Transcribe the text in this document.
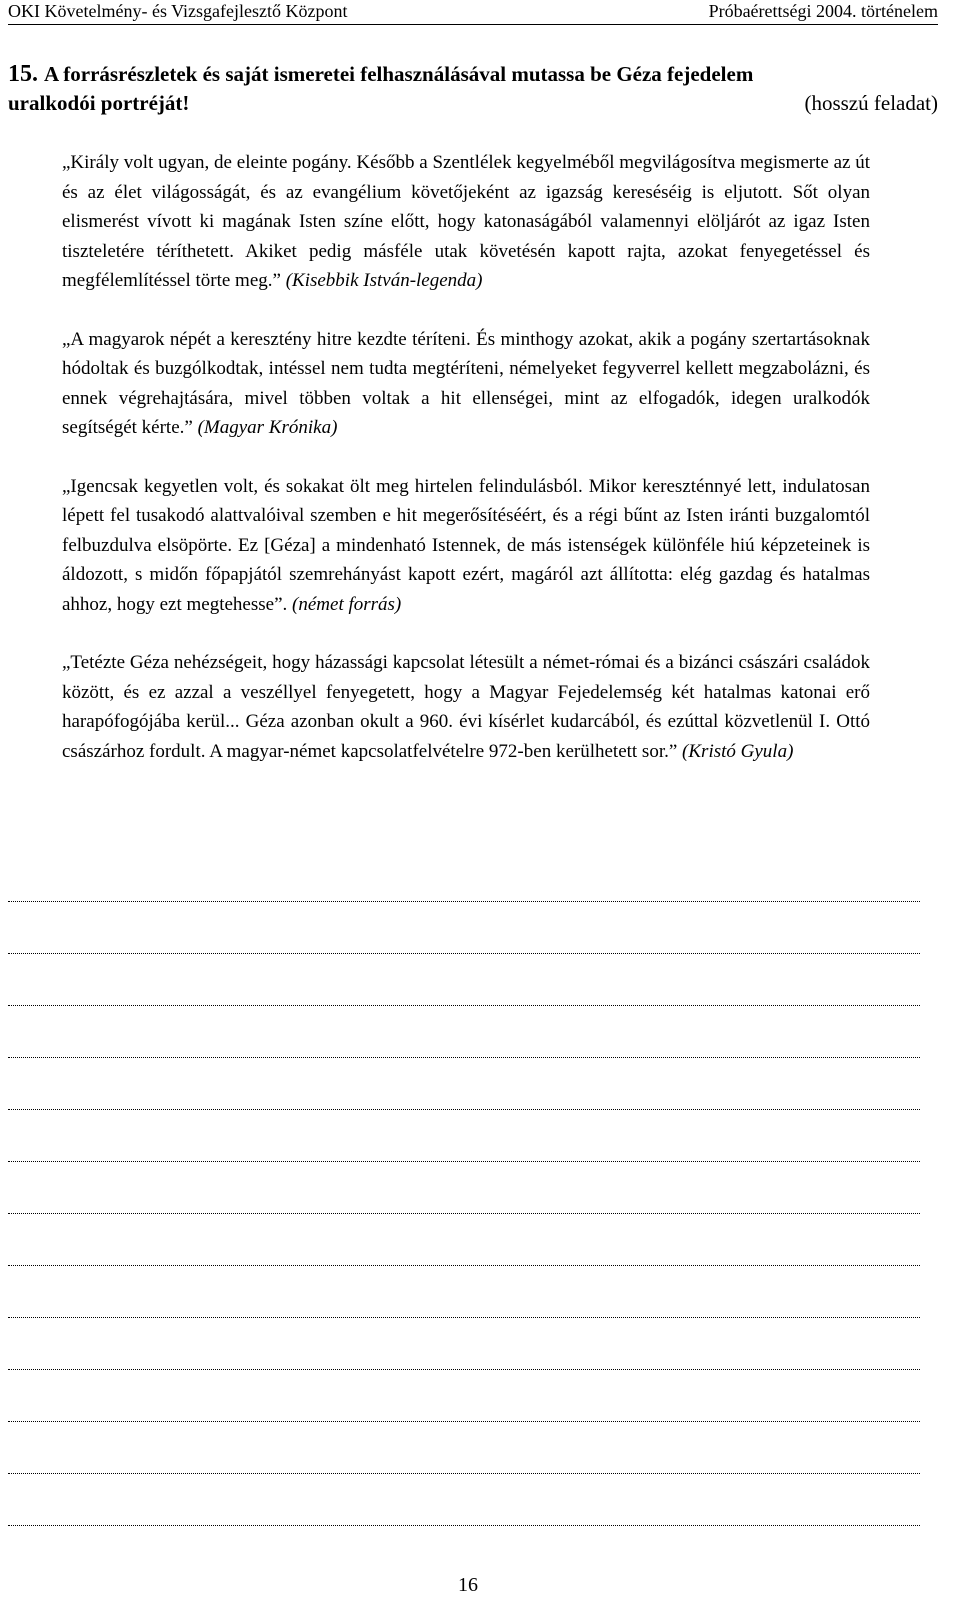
OKI Követelmény- és Vizsgafejlesztő Központ	Próbaérettségi 2004. történelem
15. A forrásrészletek és saját ismeretei felhasználásával mutassa be Géza fejedelem
uralkodói portréját!	(hosszú feladat)

„Király volt ugyan, de eleinte pogány. Később a Szentlélek kegyelméből megvilágosítva megismerte az út és az élet világosságát, és az evangélium követőjeként az igazság kereséséig is eljutott. Sőt olyan elismerést vívott ki magának Isten színe előtt, hogy katonaságából valamennyi elöljárót az igaz Isten tiszteletére téríthetett. Akiket pedig másféle utak követésén kapott rajta, azokat fenyegetéssel és megfélemlítéssel törte meg.” (Kisebbik István-legenda)

„A magyarok népét a keresztény hitre kezdte téríteni. És minthogy azokat, akik a pogány szertartásoknak hódoltak és buzgólkodtak, intéssel nem tudta megtéríteni, némelyeket fegyverrel kellett megzabolázni, és ennek végrehajtására, mivel többen voltak a hit ellenségei, mint az elfogadók, idegen uralkodók segítségét kérte.” (Magyar Krónika)

„Igencsak kegyetlen volt, és sokakat ölt meg hirtelen felindulásból. Mikor kereszténnyé lett, indulatosan lépett fel tusakodó alattvalóival szemben e hit megerősítéséért, és a régi bűnt az Isten iránti buzgalomtól felbuzdulva elsöpörte. Ez [Géza] a mindenható Istennek, de más istenségek különféle hiú képzeteinek is áldozott, s midőn főpapjától szemrehányást kapott ezért, magáról azt állította: elég gazdag és hatalmas ahhoz, hogy ezt megtehesse”. (német forrás)

„Tetézte Géza nehézségeit, hogy házassági kapcsolat létesült a német-római és a bizánci császári családok között, és ez azzal a veszéllyel fenyegetett, hogy a Magyar Fejedelemség két hatalmas katonai erő harapófogójába kerül... Géza azonban okult a 960. évi kísérlet kudarcából, és ezúttal közvetlenül I. Ottó császárhoz fordult. A magyar-német kapcsolatfelvételre 972-ben kerülhetett sor.” (Kristó Gyula)

16
